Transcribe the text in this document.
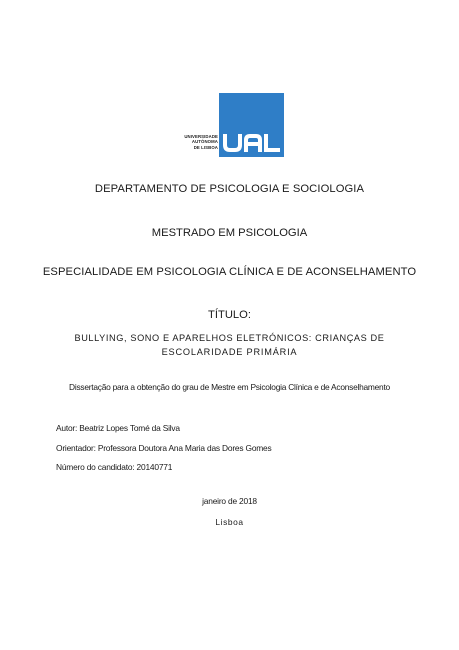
UNIVERSIDADE
AUTÓNOMA
DE LISBOA
DEPARTAMENTO DE PSICOLOGIA E SOCIOLOGIA
MESTRADO EM PSICOLOGIA
ESPECIALIDADE EM PSICOLOGIA CLÍNICA E DE ACONSELHAMENTO
TÍTULO:
BULLYING, SONO E APARELHOS ELETRÓNICOS: CRIANÇAS DE
ESCOLARIDADE PRIMÁRIA
Dissertação para a obtenção do grau de Mestre em Psicologia Clínica e de Aconselhamento
Autor: Beatriz Lopes Tomé da Silva
Orientador: Professora Doutora Ana Maria das Dores Gomes
Número do candidato: 20140771
janeiro de 2018
Lisboa
